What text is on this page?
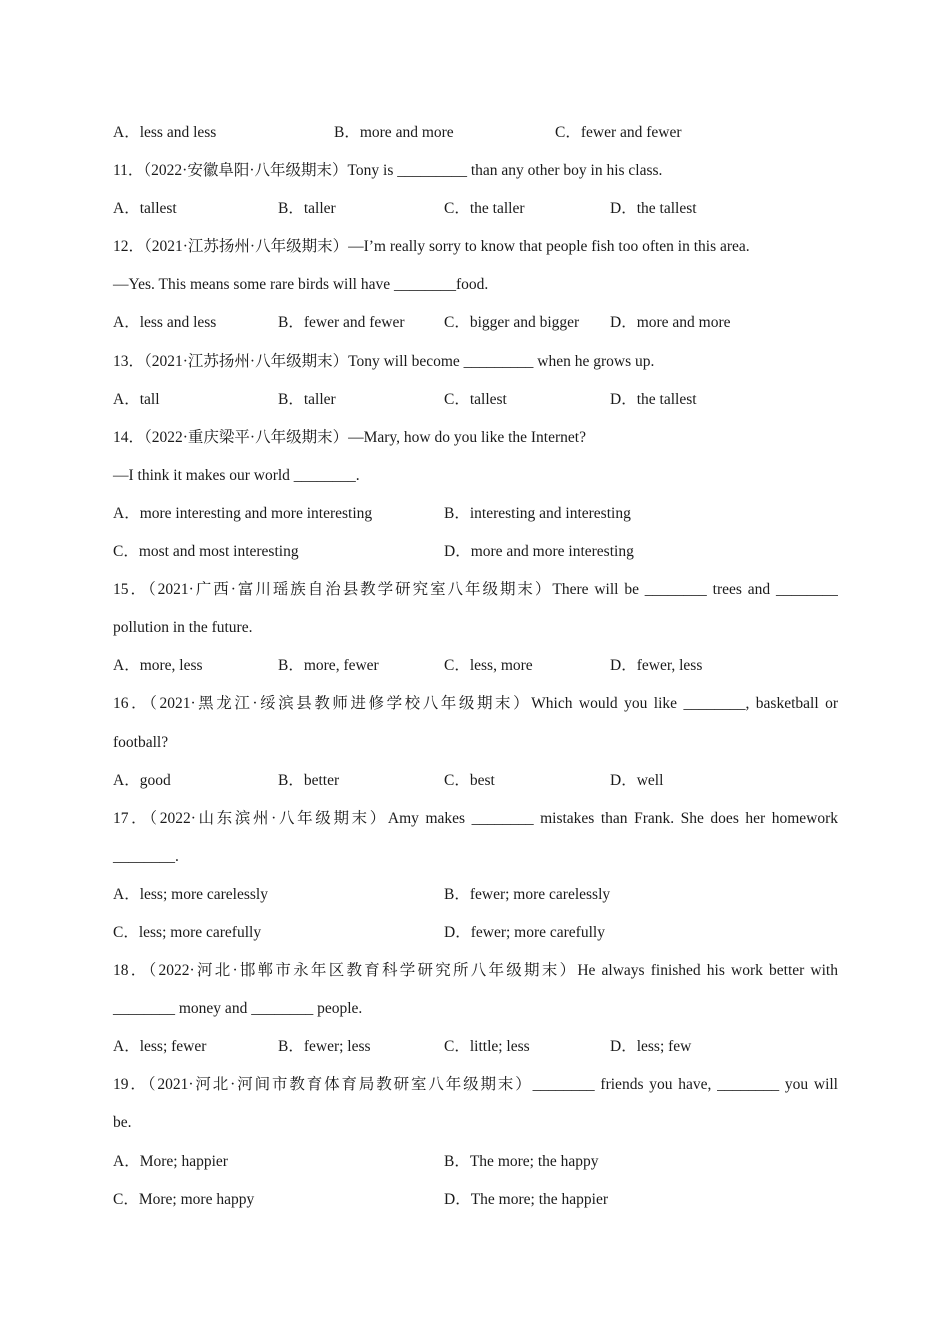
A．less and less	B．more and more	C．fewer and fewer
11．（2022·安徽阜阳·八年级期末）Tony is _________ than any other boy in his class.
A．tallest	B．taller	C．the taller	D．the tallest
12．（2021·江苏扬州·八年级期末）—I’m really sorry to know that people fish too often in this area.
—Yes. This means some rare birds will have ________food.
A．less and less	B．fewer and fewer	C．bigger and bigger D．more and more
13．（2021·江苏扬州·八年级期末）Tony will become _________ when he grows up.
A．tall	B．taller	C．tallest	D．the tallest
14．（2022·重庆梁平·八年级期末）—Mary, how do you like the Internet?
—I think it makes our world ________.
A．more interesting and more interesting	B．interesting and interesting
C．most and most interesting	D．more and more interesting
15．（2021·广西·富川瑶族自治县教学研究室八年级期末）There will be ________ trees and ________
pollution in the future.
A．more, less	B．more, fewer	C．less, more	D．fewer, less
16．（2021·黑龙江·绥滨县教师进修学校八年级期末）Which would you like ________, basketball or
football?
A．good	B．better	C．best	D．well
17．（2022·山东滨州·八年级期末）Amy makes ________ mistakes than Frank. She does her homework
________.
A．less; more carelessly	B．fewer; more carelessly
C．less; more carefully	D．fewer; more carefully
18．（2022·河北·邯郸市永年区教育科学研究所八年级期末）He always finished his work better with
________ money and ________ people.
A．less; fewer	B．fewer; less	C．little; less	D．less; few
19．（2021·河北·河间市教育体育局教研室八年级期末）________ friends you have, ________ you will
be.
A．More; happier	B．The more; the happy
C．More; more happy	D．The more; the happier
